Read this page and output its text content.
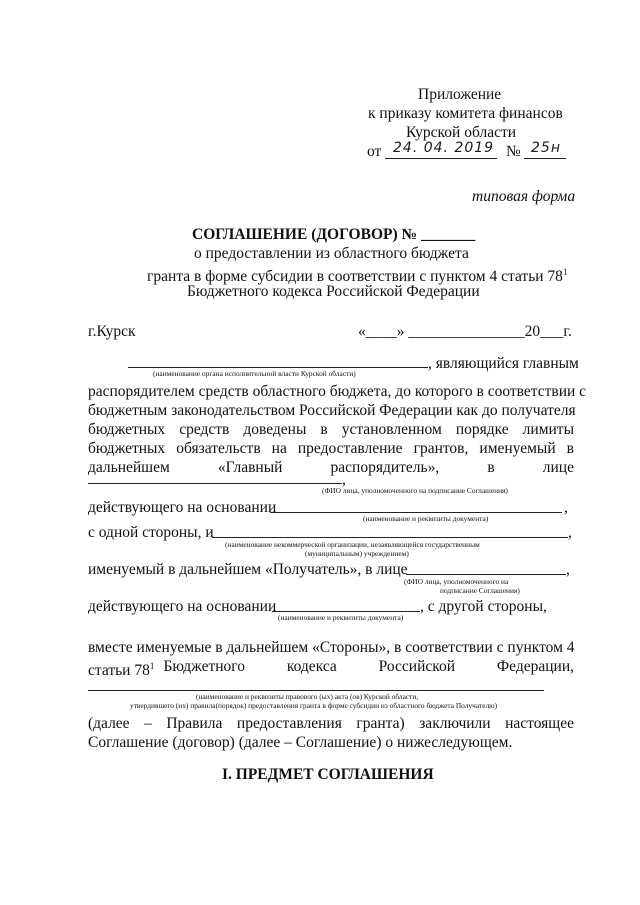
Приложение
к приказу комитета финансов
Курской области
от 24. 04. 2019 № 25н
типовая форма
СОГЛАШЕНИЕ (ДОГОВОР) № _______
о предоставлении из областного бюджета
гранта в форме субсидии в соответствии с пунктом 4 статьи $78^1$
Бюджетного кодекса Российской Федерации
г.Курск	«____» _______________20___г.
, являющийся главным
(наименование органа исполнительной власти Курской области)
распорядителем средств областного бюджета, до которого в соответствии с
бюджетным законодательством Российской Федерации как до получателя
бюджетных средств доведены в установленном порядке лимиты
бюджетных обязательств на предоставление грантов, именуемый в
дальнейшем «Главный распорядитель», в лице
,
(ФИО лица, уполномоченного на подписание Соглашения)
действующего на основании	,
(наименование и реквизиты документа)
с одной стороны, и	,
(наименование некоммерческой организации, незаявляющейся государственным
(муниципальным) учреждением)
именуемый в дальнейшем «Получатель», в лице	,
(ФИО лица, уполномоченного на
подписание Соглашения)
действующего на основании	, с другой стороны,
(наименование и реквизиты документа)
вместе именуемые в дальнейшем «Стороны», в соответствии с пунктом 4
статьи $78^1$ Бюджетного кодекса Российской Федерации,
(наименование и реквизиты правового (ых) акта (ов) Курской области,
утвердившего (их) правила(порядок) предоставления гранта в форме субсидии из областного бюджета Получателю)
(далее – Правила предоставления гранта) заключили настоящее
Соглашение (договор) (далее – Соглашение) о нижеследующем.
I. ПРЕДМЕТ СОГЛАШЕНИЯ
